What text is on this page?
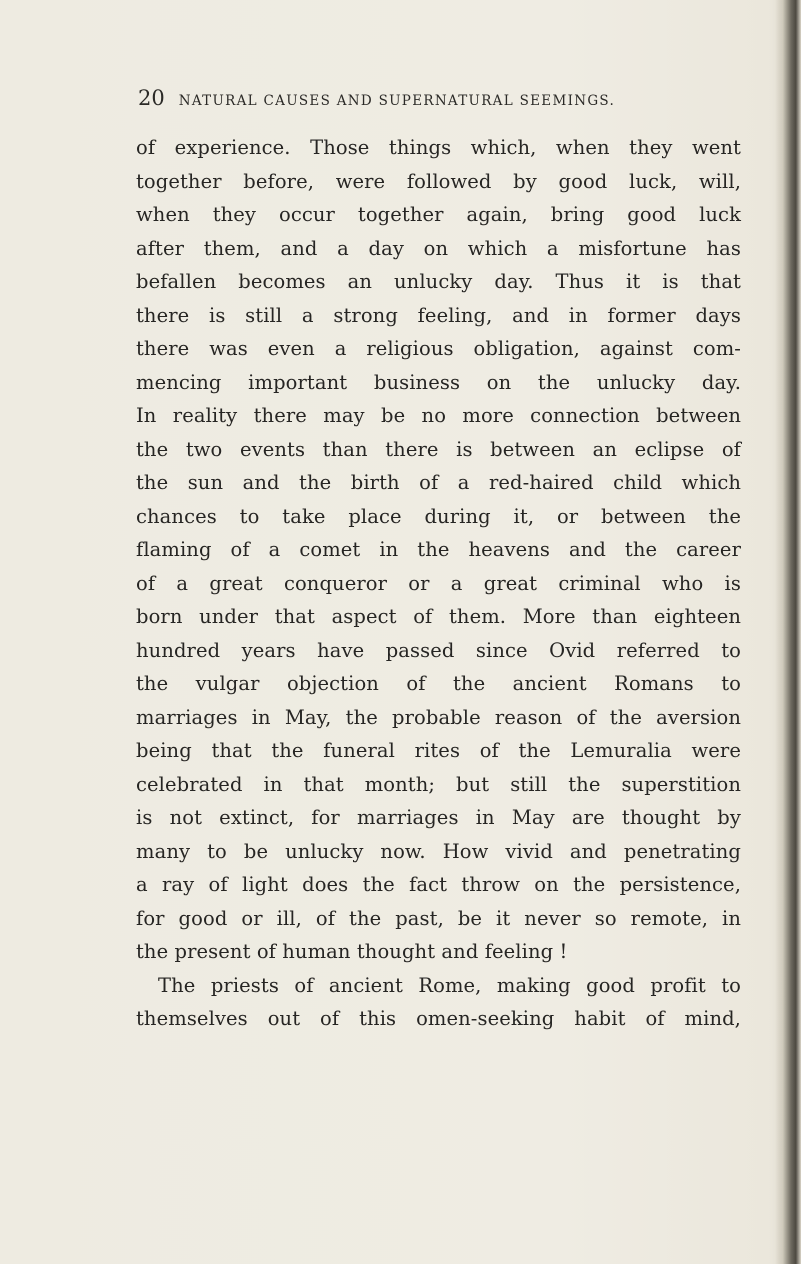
20 NATURAL CAUSES AND SUPERNATURAL SEEMINGS.
of experience. Those things which, when they went
together before, were followed by good luck, will,
when they occur together again, bring good luck
after them, and a day on which a misfortune has
befallen becomes an unlucky day. Thus it is that
there is still a strong feeling, and in former days
there was even a religious obligation, against com-
mencing important business on the unlucky day.
In reality there may be no more connection between
the two events than there is between an eclipse of
the sun and the birth of a red-haired child which
chances to take place during it, or between the
flaming of a comet in the heavens and the career
of a great conqueror or a great criminal who is
born under that aspect of them. More than eighteen
hundred years have passed since Ovid referred to
the vulgar objection of the ancient Romans to
marriages in May, the probable reason of the aversion
being that the funeral rites of the Lemuralia were
celebrated in that month; but still the superstition
is not extinct, for marriages in May are thought by
many to be unlucky now. How vivid and penetrating
a ray of light does the fact throw on the persistence,
for good or ill, of the past, be it never so remote, in
the present of human thought and feeling !
The priests of ancient Rome, making good profit to
themselves out of this omen-seeking habit of mind,
